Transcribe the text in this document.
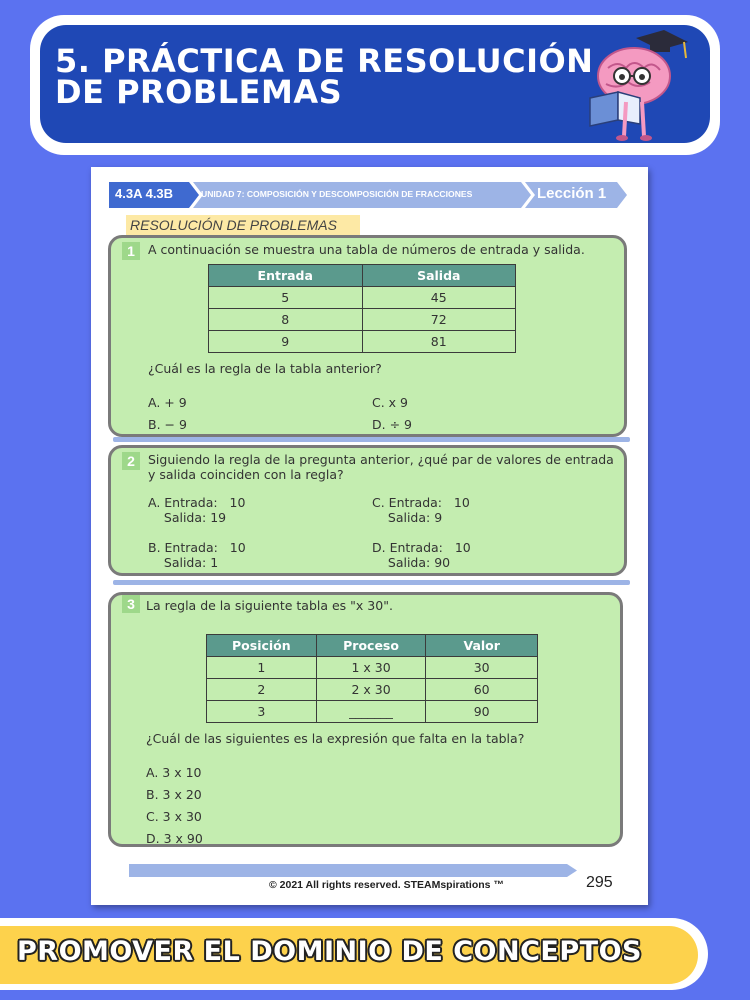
5. PRÁCTICA DE RESOLUCIÓN DE PROBLEMAS
4.3A 4.3B	UNIDAD 7: COMPOSICIÓN Y DESCOMPOSICIÓN DE FRACCIONES	Lección 1
RESOLUCIÓN DE PROBLEMAS
1	A continuación se muestra una tabla de números de entrada y salida.
Entrada	Salida
5	45
8	72
9	81
¿Cuál es la regla de la tabla anterior?
A. + 9
B. − 9
C. x 9
D. ÷ 9
2	Siguiendo la regla de la pregunta anterior, ¿qué par de valores de entrada y salida coinciden con la regla?
A. Entrada:   10
Salida: 19
B. Entrada:   10
Salida: 1
C. Entrada:   10
Salida: 9
D. Entrada:   10
Salida: 90
3 La regla de la siguiente tabla es "x 30".
Posición	Proceso	Valor
1	1 x 30	30
2	2 x 30	60
3	_______	90
¿Cuál de las siguientes es la expresión que falta en la tabla?
A. 3 x 10
B. 3 x 20
C. 3 x 30
D. 3 x 90
© 2021 All rights reserved. STEAMspirations ™	295
PROMOVER EL DOMINIO DE CONCEPTOS
